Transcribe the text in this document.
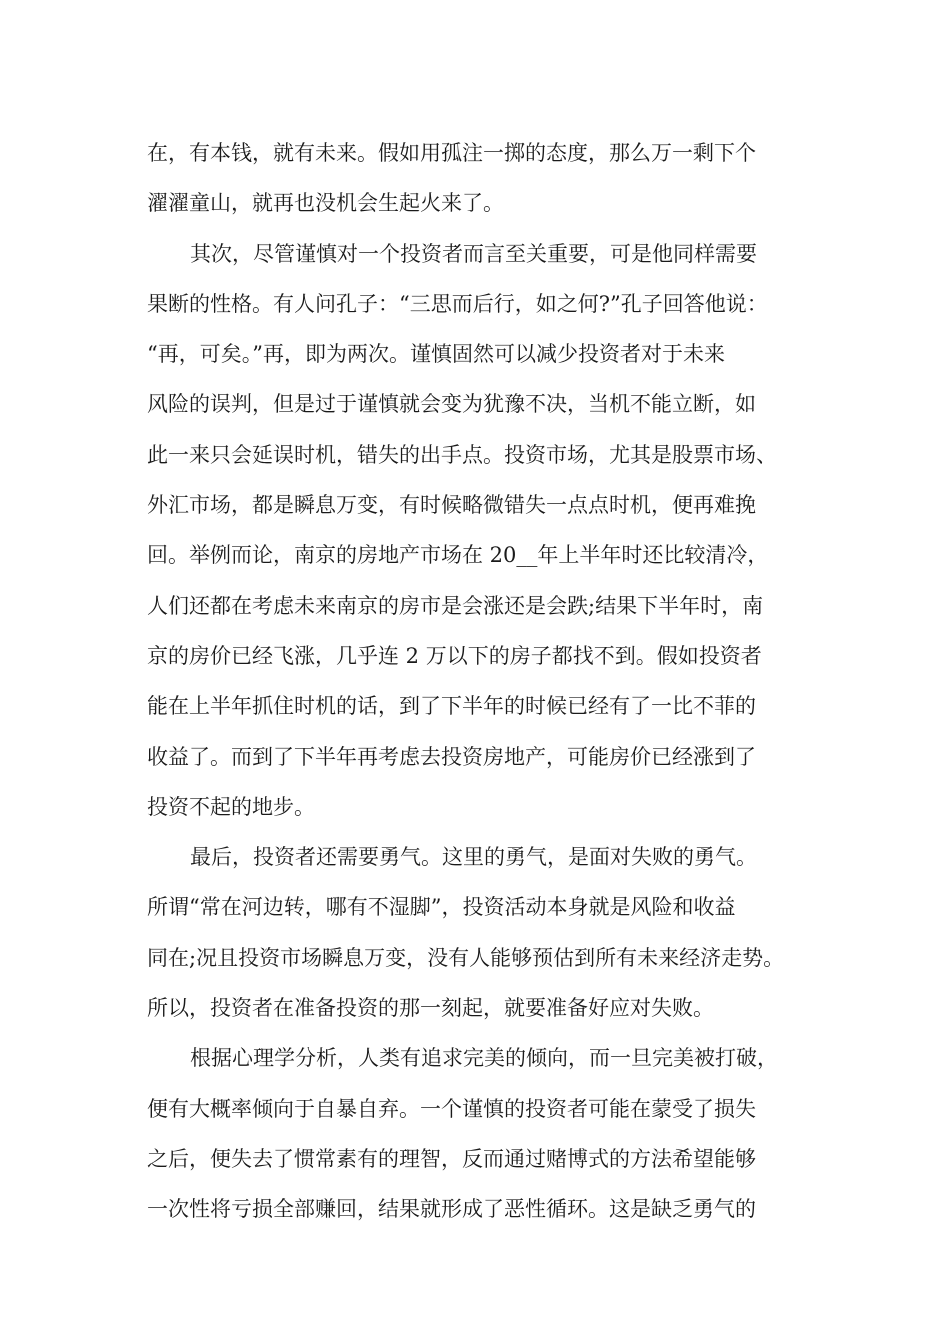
在，有本钱，就有未来。假如用孤注一掷的态度，那么万一剩下个
濯濯童山，就再也没机会生起火来了。
其次，尽管谨慎对一个投资者而言至关重要，可是他同样需要
果断的性格。有人问孔子：“三思而后行，如之何?”孔子回答他说：
“再，可矣。”再，即为两次。谨慎固然可以减少投资者对于未来
风险的误判，但是过于谨慎就会变为犹豫不决，当机不能立断，如
此一来只会延误时机，错失的出手点。投资市场，尤其是股票市场、
外汇市场，都是瞬息万变，有时候略微错失一点点时机，便再难挽
回。举例而论，南京的房地产市场在 20__年上半年时还比较清冷，
人们还都在考虑未来南京的房市是会涨还是会跌;结果下半年时，南
京的房价已经飞涨，几乎连 2 万以下的房子都找不到。假如投资者
能在上半年抓住时机的话，到了下半年的时候已经有了一比不菲的
收益了。而到了下半年再考虑去投资房地产，可能房价已经涨到了
投资不起的地步。
最后，投资者还需要勇气。这里的勇气，是面对失败的勇气。
所谓“常在河边转，哪有不湿脚”，投资活动本身就是风险和收益
同在;况且投资市场瞬息万变，没有人能够预估到所有未来经济走势。
所以，投资者在准备投资的那一刻起，就要准备好应对失败。
根据心理学分析，人类有追求完美的倾向，而一旦完美被打破，
便有大概率倾向于自暴自弃。一个谨慎的投资者可能在蒙受了损失
之后，便失去了惯常素有的理智，反而通过赌博式的方法希望能够
一次性将亏损全部赚回，结果就形成了恶性循环。这是缺乏勇气的
